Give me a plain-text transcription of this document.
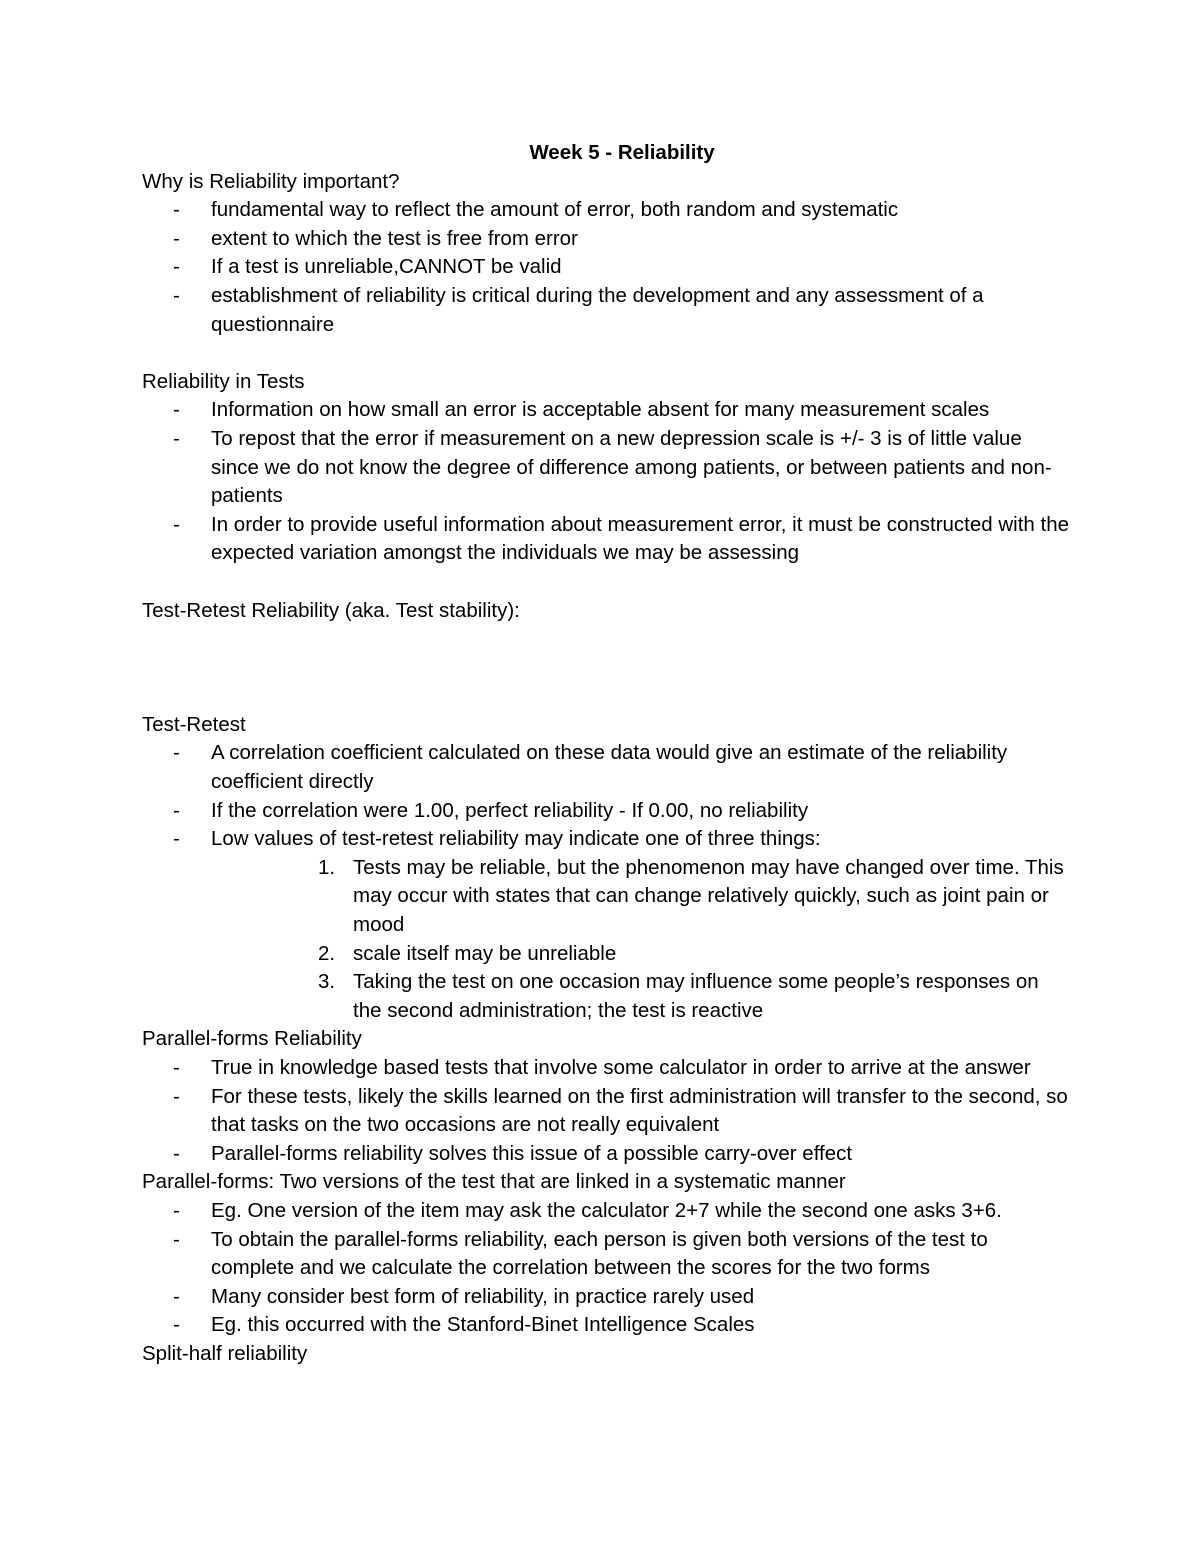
Week 5 - Reliability
Why is Reliability important?
- fundamental way to reflect the amount of error, both random and systematic
- extent to which the test is free from error
- If a test is unreliable,CANNOT be valid
- establishment of reliability is critical during the development and any assessment of a questionnaire
Reliability in Tests
- Information on how small an error is acceptable absent for many measurement scales
- To repost that the error if measurement on a new depression scale is +/- 3 is of little value since we do not know the degree of difference among patients, or between patients and non-patients
- In order to provide useful information about measurement error, it must be constructed with the expected variation amongst the individuals we may be assessing
Test-Retest Reliability (aka. Test stability):
Test-Retest
- A correlation coefficient calculated on these data would give an estimate of the reliability coefficient directly
- If the correlation were 1.00, perfect reliability - If 0.00, no reliability
- Low values of test-retest reliability may indicate one of three things:
1. Tests may be reliable, but the phenomenon may have changed over time. This may occur with states that can change relatively quickly, such as joint pain or mood
2. scale itself may be unreliable
3. Taking the test on one occasion may influence some people’s responses on the second administration; the test is reactive
Parallel-forms Reliability
- True in knowledge based tests that involve some calculator in order to arrive at the answer
- For these tests, likely the skills learned on the first administration will transfer to the second, so that tasks on the two occasions are not really equivalent
- Parallel-forms reliability solves this issue of a possible carry-over effect
Parallel-forms: Two versions of the test that are linked in a systematic manner
- Eg. One version of the item may ask the calculator 2+7 while the second one asks 3+6.
- To obtain the parallel-forms reliability, each person is given both versions of the test to complete and we calculate the correlation between the scores for the two forms
- Many consider best form of reliability, in practice rarely used
- Eg. this occurred with the Stanford-Binet Intelligence Scales
Split-half reliability
